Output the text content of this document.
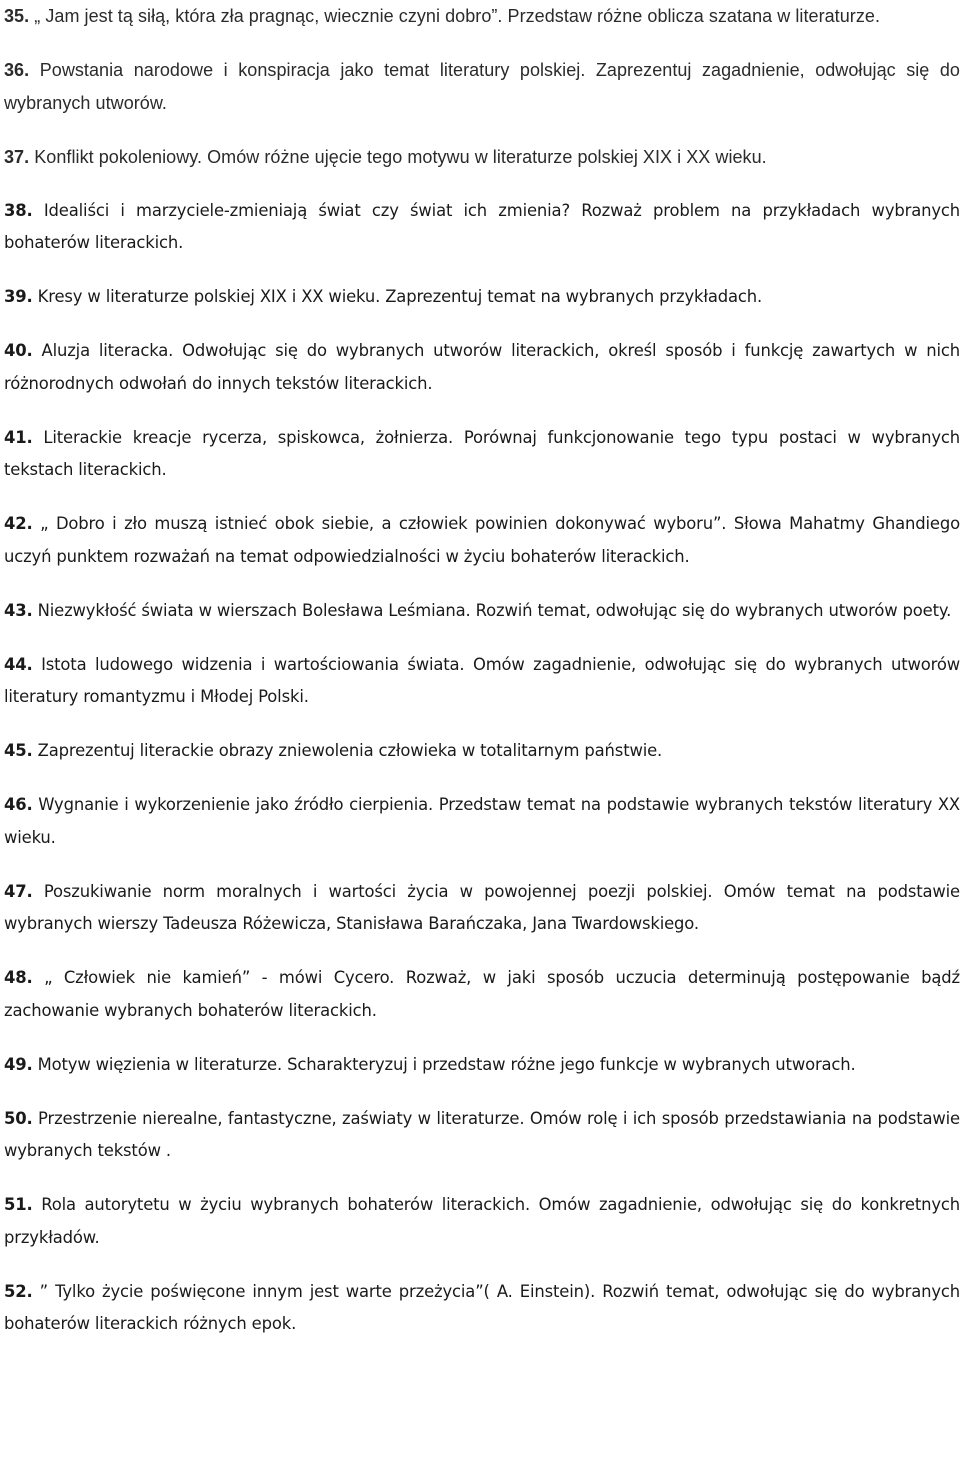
35. „ Jam jest tą siłą, która zła pragnąc, wiecznie czyni dobro”. Przedstaw różne oblicza szatana w literaturze.

36. Powstania narodowe i konspiracja jako temat literatury polskiej. Zaprezentuj zagadnienie, odwołując się do wybranych utworów.

37. Konflikt pokoleniowy. Omów różne ujęcie tego motywu w literaturze polskiej XIX i XX wieku.

38. Idealiści i marzyciele-zmieniają świat czy świat ich zmienia? Rozważ problem na przykładach wybranych bohaterów literackich.

39. Kresy w literaturze polskiej XIX i XX wieku. Zaprezentuj temat na wybranych przykładach.

40. Aluzja literacka. Odwołując się do wybranych utworów literackich, określ sposób i funkcję zawartych w nich różnorodnych odwołań do innych tekstów literackich.

41. Literackie kreacje rycerza, spiskowca, żołnierza. Porównaj funkcjonowanie tego typu postaci w wybranych tekstach literackich.

42. „ Dobro i zło muszą istnieć obok siebie, a człowiek powinien dokonywać wyboru”. Słowa Mahatmy Ghandiego uczyń punktem rozważań na temat odpowiedzialności w życiu bohaterów literackich.

43. Niezwykłość świata w wierszach Bolesława Leśmiana. Rozwiń temat, odwołując się do wybranych utworów poety.

44. Istota ludowego widzenia i wartościowania świata. Omów zagadnienie, odwołując się do wybranych utworów literatury romantyzmu i Młodej Polski.

45. Zaprezentuj literackie obrazy zniewolenia człowieka w totalitarnym państwie.

46. Wygnanie i wykorzenienie jako źródło cierpienia. Przedstaw temat na podstawie wybranych tekstów literatury XX wieku.

47. Poszukiwanie norm moralnych i wartości życia w powojennej poezji polskiej. Omów temat na podstawie wybranych wierszy Tadeusza Różewicza, Stanisława Barańczaka, Jana Twardowskiego.

48. „ Człowiek nie kamień” - mówi Cycero. Rozważ, w jaki sposób uczucia determinują postępowanie bądź zachowanie wybranych bohaterów literackich.

49. Motyw więzienia w literaturze. Scharakteryzuj i przedstaw różne jego funkcje w wybranych utworach.

50. Przestrzenie nierealne, fantastyczne, zaświaty w literaturze. Omów rolę i ich sposób przedstawiania na podstawie wybranych tekstów .

51. Rola autorytetu w życiu wybranych bohaterów literackich. Omów zagadnienie, odwołując się do konkretnych przykładów.

52. ” Tylko życie poświęcone innym jest warte przeżycia”( A. Einstein). Rozwiń temat, odwołując się do wybranych bohaterów literackich różnych epok.
